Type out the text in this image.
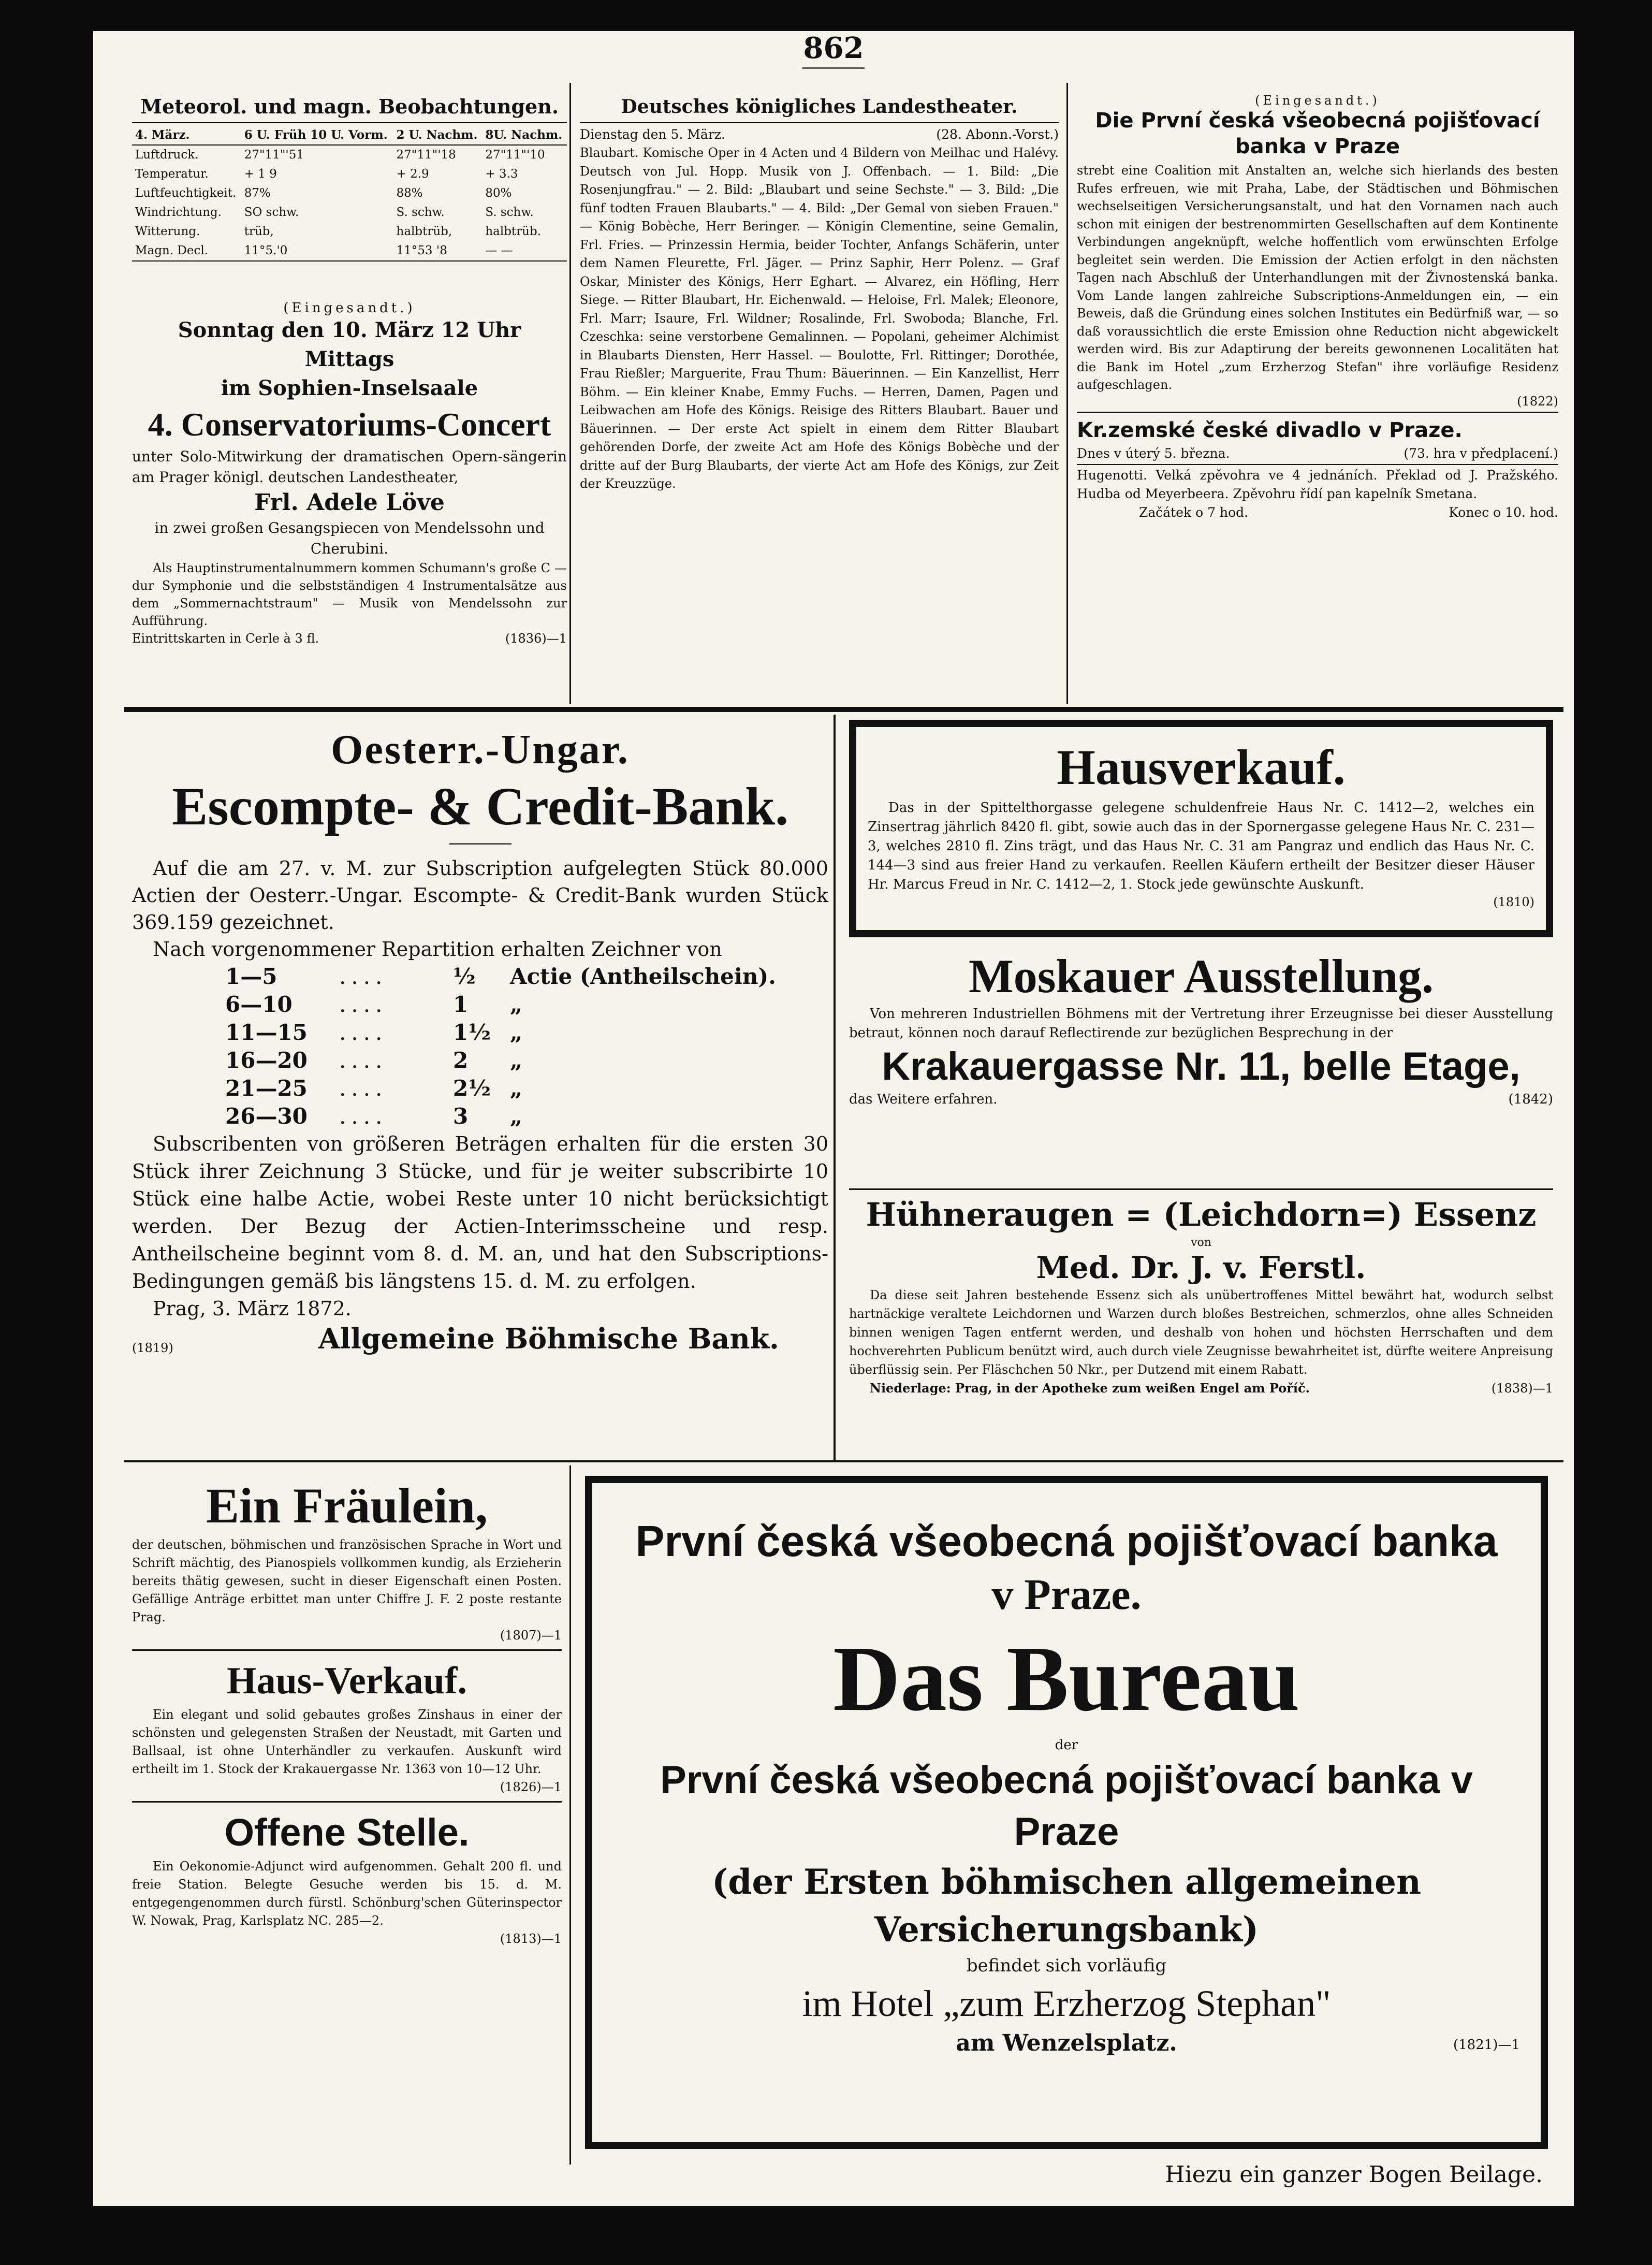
862
Meteorol. und magn. Beobachtungen.
4. März.	6 U. Früh 10 U. Vorm.	2 U. Nachm.	8U. Nachm.
Luftdruck.	27"11"'51	27"11"'18	27"11"'10
Temperatur.	+ 1 9	+ 2.9	+ 3.3
Luftfeuchtigkeit.	87%	88%	80%
Windrichtung.	SO schw.	S. schw.	S. schw.
Witterung.	trüb,	halbtrüb,	halbtrüb.
Magn. Decl.	11°5.'0	11°53 '8	— —
(Eingesandt.)
Sonntag den 10. März 12 Uhr Mittags
im Sophien-Inselsaale
4. Conservatoriums-Concert
unter Solo-Mitwirkung der dramatischen Opern-sängerin am Prager königl. deutschen Landestheater,
Frl. Adele Löve
in zwei großen Gesangspiecen von Mendelssohn und Cherubini.
Als Hauptinstrumentalnummern kommen Schumann's große C — dur Symphonie und die selbstständigen 4 Instrumentalsätze aus dem „Sommernachtstraum" — Musik von Mendelssohn zur Aufführung.
Eintrittskarten in Cerle à 3 fl.	(1836)—1
Deutsches königliches Landestheater.
Dienstag den 5. März.	(28. Abonn.-Vorst.)
Blaubart. Komische Oper in 4 Acten und 4 Bildern von Meilhac und Halévy. Deutsch von Jul. Hopp. Musik von J. Offenbach. — 1. Bild: „Die Rosenjungfrau." — 2. Bild: „Blaubart und seine Sechste." — 3. Bild: „Die fünf todten Frauen Blaubarts." — 4. Bild: „Der Gemal von sieben Frauen." — König Bobèche, Herr Beringer. — Königin Clementine, seine Gemalin, Frl. Fries. — Prinzessin Hermia, beider Tochter, Anfangs Schäferin, unter dem Namen Fleurette, Frl. Jäger. — Prinz Saphir, Herr Polenz. — Graf Oskar, Minister des Königs, Herr Eghart. — Alvarez, ein Höfling, Herr Siege. — Ritter Blaubart, Hr. Eichenwald. — Heloise, Frl. Malek; Eleonore, Frl. Marr; Isaure, Frl. Wildner; Rosalinde, Frl. Swoboda; Blanche, Frl. Czeschka: seine verstorbene Gemalinnen. — Popolani, geheimer Alchimist in Blaubarts Diensten, Herr Hassel. — Boulotte, Frl. Rittinger; Dorothée, Frau Rießler; Marguerite, Frau Thum: Bäuerinnen. — Ein Kanzellist, Herr Böhm. — Ein kleiner Knabe, Emmy Fuchs. — Herren, Damen, Pagen und Leibwachen am Hofe des Königs. Reisige des Ritters Blaubart. Bauer und Bäuerinnen. — Der erste Act spielt in einem dem Ritter Blaubart gehörenden Dorfe, der zweite Act am Hofe des Königs Bobèche und der dritte auf der Burg Blaubarts, der vierte Act am Hofe des Königs, zur Zeit der Kreuzzüge.
(Eingesandt.)
Die První česká všeobecná pojišťovací banka v Praze
strebt eine Coalition mit Anstalten an, welche sich hierlands des besten Rufes erfreuen, wie mit Praha, Labe, der Städtischen und Böhmischen wechselseitigen Versicherungsanstalt, und hat den Vornamen nach auch schon mit einigen der bestrenommirten Gesellschaften auf dem Kontinente Verbindungen angeknüpft, welche hoffentlich vom erwünschten Erfolge begleitet sein werden. Die Emission der Actien erfolgt in den nächsten Tagen nach Abschluß der Unterhandlungen mit der Živnostenská banka. Vom Lande langen zahlreiche Subscriptions-Anmeldungen ein, — ein Beweis, daß die Gründung eines solchen Institutes ein Bedürfniß war, — so daß voraussichtlich die erste Emission ohne Reduction nicht abgewickelt werden wird. Bis zur Adaptirung der bereits gewonnenen Localitäten hat die Bank im Hotel „zum Erzherzog Stefan" ihre vorläufige Residenz aufgeschlagen.
(1822)
Kr.zemské české divadlo v Praze.
Dnes v úterý 5. března.	(73. hra v předplacení.)
Hugenotti. Velká zpěvohra ve 4 jednáních. Překlad od J. Pražského. Hudba od Meyerbeera. Zpěvohru řídí pan kapelník Smetana.
Začátek o 7 hod.	Konec o 10. hod.
Oesterr.-Ungar.
Escompte- & Credit-Bank.
Auf die am 27. v. M. zur Subscription aufgelegten Stück 80.000 Actien der Oesterr.-Ungar. Escompte- & Credit-Bank wurden Stück 369.159 gezeichnet.
Nach vorgenommener Repartition erhalten Zeichner von
1—5	....	½	Actie (Antheilschein).
6—10	....	1	„
11—15	....	1½ „
16—20	....	2	„
21—25	....	2½ „
26—30	....	3	„
Subscribenten von größeren Beträgen erhalten für die ersten 30 Stück ihrer Zeichnung 3 Stücke, und für je weiter subscribirte 10 Stück eine halbe Actie, wobei Reste unter 10 nicht berücksichtigt werden. Der Bezug der Actien-Interimsscheine und resp. Antheilscheine beginnt vom 8. d. M. an, und hat den Subscriptions-Bedingungen gemäß bis längstens 15. d. M. zu erfolgen.
Prag, 3. März 1872.
(1819)	Allgemeine Böhmische Bank.
Hausverkauf.
Das in der Spittelthorgasse gelegene schuldenfreie Haus Nr. C. 1412—2, welches ein Zinsertrag jährlich 8420 fl. gibt, sowie auch das in der Spornergasse gelegene Haus Nr. C. 231—3, welches 2810 fl. Zins trägt, und das Haus Nr. C. 31 am Pangraz und endlich das Haus Nr. C. 144—3 sind aus freier Hand zu verkaufen. Reellen Käufern ertheilt der Besitzer dieser Häuser Hr. Marcus Freud in Nr. C. 1412—2, 1. Stock jede gewünschte Auskunft.
(1810)
Moskauer Ausstellung.
Von mehreren Industriellen Böhmens mit der Vertretung ihrer Erzeugnisse bei dieser Ausstellung betraut, können noch darauf Reflectirende zur bezüglichen Besprechung in der
Krakauergasse Nr. 11, belle Etage,
das Weitere erfahren.	(1842)
Hühneraugen = (Leichdorn=) Essenz
von
Med. Dr. J. v. Ferstl.
Da diese seit Jahren bestehende Essenz sich als unübertroffenes Mittel bewährt hat, wodurch selbst hartnäckige veraltete Leichdornen und Warzen durch bloßes Bestreichen, schmerzlos, ohne alles Schneiden binnen wenigen Tagen entfernt werden, und deshalb von hohen und höchsten Herrschaften und dem hochverehrten Publicum benützt wird, auch durch viele Zeugnisse bewahrheitet ist, dürfte weitere Anpreisung überflüssig sein. Per Fläschchen 50 Nkr., per Dutzend mit einem Rabatt.
Niederlage: Prag, in der Apotheke zum weißen Engel am Poříč.	(1838)—1
Ein Fräulein,
der deutschen, böhmischen und französischen Sprache in Wort und Schrift mächtig, des Pianospiels vollkommen kundig, als Erzieherin bereits thätig gewesen, sucht in dieser Eigenschaft einen Posten. Gefällige Anträge erbittet man unter Chiffre J. F. 2 poste restante Prag.
(1807)—1
Haus-Verkauf.
Ein elegant und solid gebautes großes Zinshaus in einer der schönsten und gelegensten Straßen der Neustadt, mit Garten und Ballsaal, ist ohne Unterhändler zu verkaufen. Auskunft wird ertheilt im 1. Stock der Krakauergasse Nr. 1363 von 10—12 Uhr.
(1826)—1
Offene Stelle.
Ein Oekonomie-Adjunct wird aufgenommen. Gehalt 200 fl. und freie Station. Belegte Gesuche werden bis 15. d. M. entgegengenommen durch fürstl. Schönburg'schen Güterinspector W. Nowak, Prag, Karlsplatz NC. 285—2.
(1813)—1
První česká všeobecná pojišťovací banka
v Praze.
Das Bureau
der
První česká všeobecná pojišťovací banka v Praze
(der Ersten böhmischen allgemeinen Versicherungsbank)
befindet sich vorläufig
im Hotel „zum Erzherzog Stephan"
am Wenzelsplatz.	(1821)—1
Hiezu ein ganzer Bogen Beilage.
